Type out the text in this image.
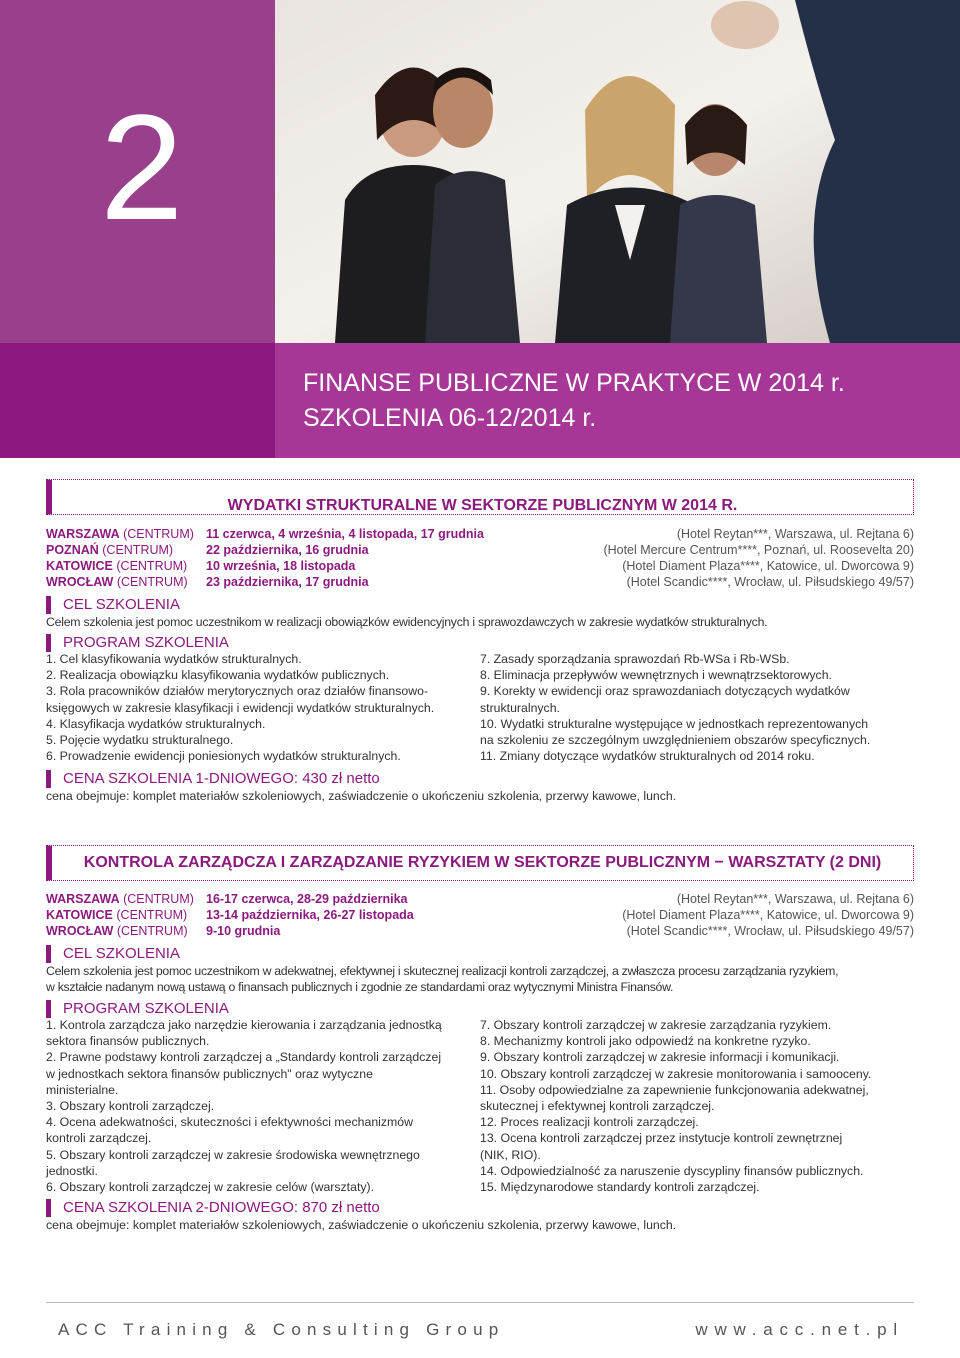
2
FINANSE PUBLICZNE W PRAKTYCE W 2014 r.
SZKOLENIA 06-12/2014 r.
WYDATKI STRUKTURALNE W SEKTORZE PUBLICZNYM W 2014 R.
WARSZAWA (CENTRUM) 11 czerwca, 4 września, 4 listopada, 17 grudnia	(Hotel Reytan***, Warszawa, ul. Rejtana 6)
POZNAŃ (CENTRUM)	22 października, 16 grudnia	(Hotel Mercure Centrum****, Poznań, ul. Roosevelta 20)
KATOWICE (CENTRUM) 10 września, 18 listopada	(Hotel Diament Plaza****, Katowice, ul. Dworcowa 9)
WROCŁAW (CENTRUM) 23 października, 17 grudnia	(Hotel Scandic****, Wrocław, ul. Piłsudskiego 49/57)
CEL SZKOLENIA
Celem szkolenia jest pomoc uczestnikom w realizacji obowiązków ewidencyjnych i sprawozdawczych w zakresie wydatków strukturalnych.
PROGRAM SZKOLENIA
1. Cel klasyfikowania wydatków strukturalnych.
2. Realizacja obowiązku klasyfikowania wydatków publicznych.
3. Rola pracowników działów merytorycznych oraz działów finansowo-
księgowych w zakresie klasyfikacji i ewidencji wydatków strukturalnych.
4. Klasyfikacja wydatków strukturalnych.
5. Pojęcie wydatku strukturalnego.
6. Prowadzenie ewidencji poniesionych wydatków strukturalnych.
7. Zasady sporządzania sprawozdań Rb-WSa i Rb-WSb.
8. Eliminacja przepływów wewnętrznych i wewnątrzsektorowych.
9. Korekty w ewidencji oraz sprawozdaniach dotyczących wydatków
strukturalnych.
10. Wydatki strukturalne występujące w jednostkach reprezentowanych
na szkoleniu ze szczególnym uwzględnieniem obszarów specyficznych.
11. Zmiany dotyczące wydatków strukturalnych od 2014 roku.
CENA SZKOLENIA 1-DNIOWEGO: 430 zł netto
cena obejmuje: komplet materiałów szkoleniowych, zaświadczenie o ukończeniu szkolenia, przerwy kawowe, lunch.
KONTROLA ZARZĄDCZA I ZARZĄDZANIE RYZYKIEM W SEKTORZE PUBLICZNYM − WARSZTATY (2 DNI)
WARSZAWA (CENTRUM) 16-17 czerwca, 28-29 października	(Hotel Reytan***, Warszawa, ul. Rejtana 6)
KATOWICE (CENTRUM) 13-14 października, 26-27 listopada	(Hotel Diament Plaza****, Katowice, ul. Dworcowa 9)
WROCŁAW (CENTRUM) 9-10 grudnia	(Hotel Scandic****, Wrocław, ul. Piłsudskiego 49/57)
CEL SZKOLENIA
Celem szkolenia jest pomoc uczestnikom w adekwatnej, efektywnej i skutecznej realizacji kontroli zarządczej, a zwłaszcza procesu zarządzania ryzykiem,
w kształcie nadanym nową ustawą o finansach publicznych i zgodnie ze standardami oraz wytycznymi Ministra Finansów.
PROGRAM SZKOLENIA
1. Kontrola zarządcza jako narzędzie kierowania i zarządzania jednostką
sektora finansów publicznych.
2. Prawne podstawy kontroli zarządczej a „Standardy kontroli zarządczej
w jednostkach sektora finansów publicznych" oraz wytyczne
ministerialne.
3. Obszary kontroli zarządczej.
4. Ocena adekwatności, skuteczności i efektywności mechanizmów
kontroli zarządczej.
5. Obszary kontroli zarządczej w zakresie środowiska wewnętrznego
jednostki.
6. Obszary kontroli zarządczej w zakresie celów (warsztaty).
7. Obszary kontroli zarządczej w zakresie zarządzania ryzykiem.
8. Mechanizmy kontroli jako odpowiedź na konkretne ryzyko.
9. Obszary kontroli zarządczej w zakresie informacji i komunikacji.
10. Obszary kontroli zarządczej w zakresie monitorowania i samooceny.
11. Osoby odpowiedzialne za zapewnienie funkcjonowania adekwatnej,
skutecznej i efektywnej kontroli zarządczej.
12. Proces realizacji kontroli zarządczej.
13. Ocena kontroli zarządczej przez instytucje kontroli zewnętrznej
(NIK, RIO).
14. Odpowiedzialność za naruszenie dyscypliny finansów publicznych.
15. Międzynarodowe standardy kontroli zarządczej.
CENA SZKOLENIA 2-DNIOWEGO: 870 zł netto
cena obejmuje: komplet materiałów szkoleniowych, zaświadczenie o ukończeniu szkolenia, przerwy kawowe, lunch.
ACC Training & Consulting Group	www.acc.net.pl
